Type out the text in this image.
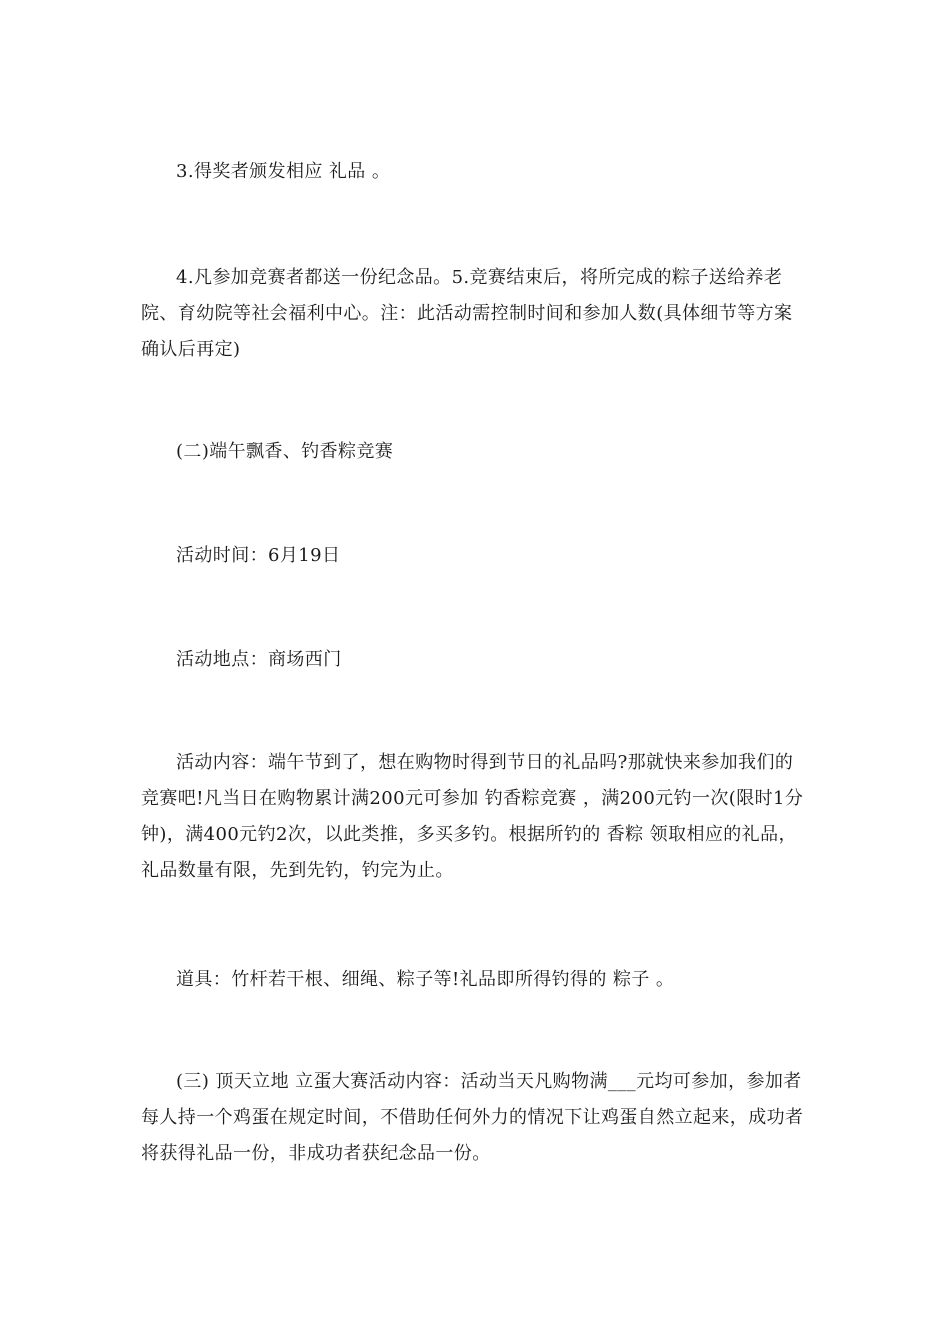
3.得奖者颁发相应 礼品 。

4.凡参加竞赛者都送一份纪念品。5.竞赛结束后，将所完成的粽子送给养老院、育幼院等社会福利中心。注：此活动需控制时间和参加人数(具体细节等方案确认后再定)

(二)端午飘香、钓香粽竞赛

活动时间：6月19日

活动地点：商场西门

活动内容：端午节到了，想在购物时得到节日的礼品吗?那就快来参加我们的竞赛吧!凡当日在购物累计满200元可参加 钓香粽竞赛 ，满200元钓一次(限时1分钟)，满400元钓2次，以此类推，多买多钓。根据所钓的 香粽 领取相应的礼品，礼品数量有限，先到先钓，钓完为止。

道具：竹杆若干根、细绳、粽子等!礼品即所得钓得的 粽子 。

(三) 顶天立地 立蛋大赛活动内容：活动当天凡购物满___元均可参加，参加者每人持一个鸡蛋在规定时间，不借助任何外力的情况下让鸡蛋自然立起来，成功者将获得礼品一份，非成功者获纪念品一份。
